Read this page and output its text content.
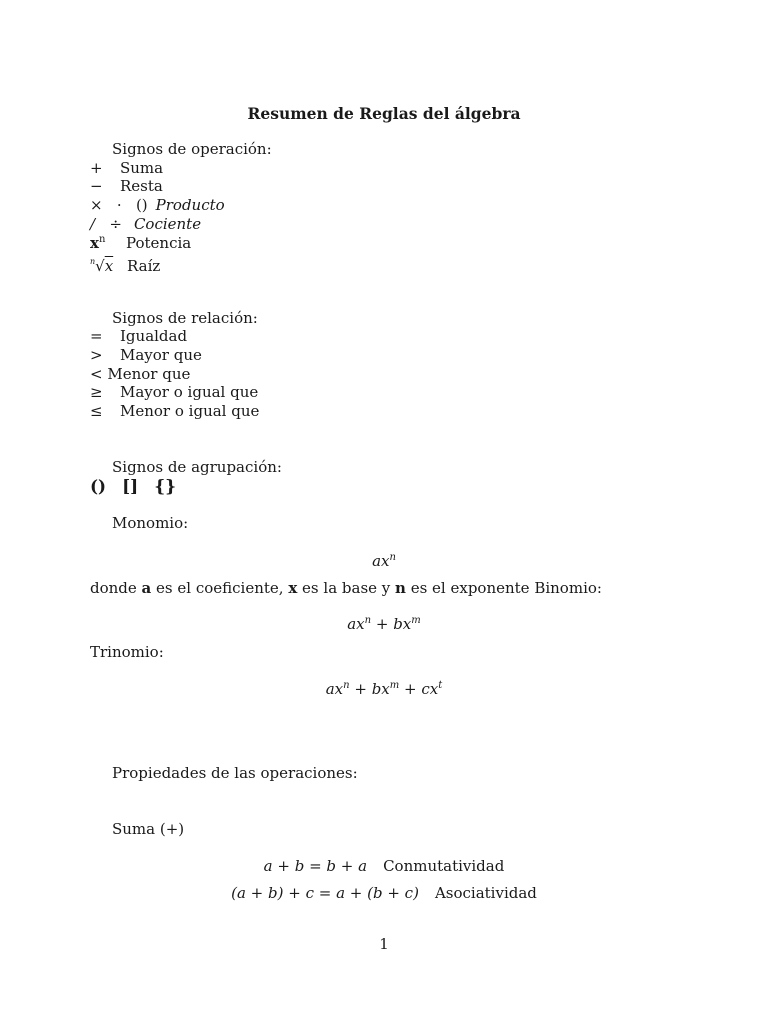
Resumen de Reglas del álgebra
Signos de operación:
+ Suma
− Resta
×   ·   () Producto
/   ÷ Cociente
$x^n$ Potencia
$^n$√x Raíz
Signos de relación:
= Igualdad
> Mayor que
< Menor que
≥ Mayor o igual que
≤ Menor o igual que
Signos de agrupación:
() [] {}
Monomio:
$ax^n$
donde a es el coeficiente, x es la base y n es el exponente Binomio:
$ax^n + bx^m$
Trinomio:
$ax^n + bx^m + cx^t$
Propiedades de las operaciones:
Suma (+)
a + b = b + a Conmutatividad
(a + b) + c = a + (b + c) Asociatividad
1
